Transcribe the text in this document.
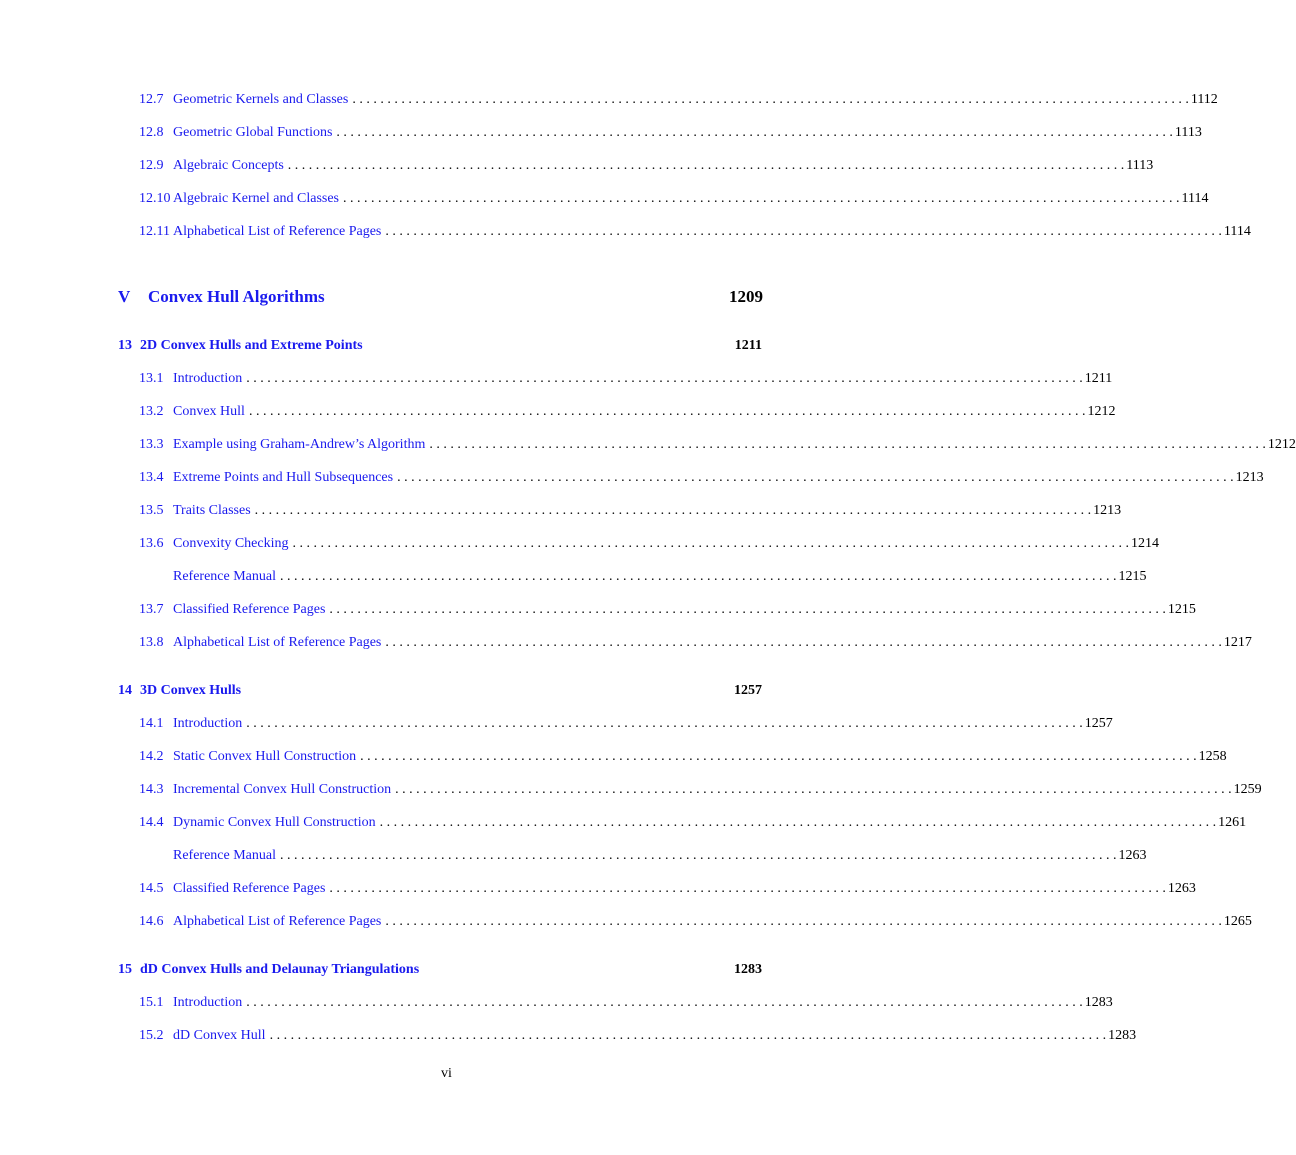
12.7 Geometric Kernels and Classes . . . . . . . . . . . . . . . . . . . . . . . . . . . . . . . . . . . . . . . . . . . . . . . . . . . . . . . . . . . . . . . . . . . . . . . . . . . . . . . . . . . . . . . . . . . . . . . . . . . . . . . . . . . . . . . . . . . . . . . . 1112
12.8 Geometric Global Functions . . . . . . . . . . . . . . . . . . . . . . . . . . . . . . . . . . . . . . . . . . . . . . . . . . . . . . . . . . . . . . . . . . . . . . . . . . . . . . . . . . . . . . . . . . . . . . . . . . . . . . . . . . . . . . . . . . . . . . . . 1113
12.9 Algebraic Concepts . . . . . . . . . . . . . . . . . . . . . . . . . . . . . . . . . . . . . . . . . . . . . . . . . . . . . . . . . . . . . . . . . . . . . . . . . . . . . . . . . . . . . . . . . . . . . . . . . . . . . . . . . . . . . . . . . . . . . . . . 1113
12.10 Algebraic Kernel and Classes . . . . . . . . . . . . . . . . . . . . . . . . . . . . . . . . . . . . . . . . . . . . . . . . . . . . . . . . . . . . . . . . . . . . . . . . . . . . . . . . . . . . . . . . . . . . . . . . . . . . . . . . . . . . . . . . . . . . . . . . 1114
12.11 Alphabetical List of Reference Pages . . . . . . . . . . . . . . . . . . . . . . . . . . . . . . . . . . . . . . . . . . . . . . . . . . . . . . . . . . . . . . . . . . . . . . . . . . . . . . . . . . . . . . . . . . . . . . . . . . . . . . . . . . . . . . . . . . . . . . . . 1114
V	Convex Hull Algorithms	1209
13 2D Convex Hulls and Extreme Points	1211
13.1 Introduction . . . . . . . . . . . . . . . . . . . . . . . . . . . . . . . . . . . . . . . . . . . . . . . . . . . . . . . . . . . . . . . . . . . . . . . . . . . . . . . . . . . . . . . . . . . . . . . . . . . . . . . . . . . . . . . . . . . . . . . . 1211
13.2 Convex Hull . . . . . . . . . . . . . . . . . . . . . . . . . . . . . . . . . . . . . . . . . . . . . . . . . . . . . . . . . . . . . . . . . . . . . . . . . . . . . . . . . . . . . . . . . . . . . . . . . . . . . . . . . . . . . . . . . . . . . . . . 1212
13.3 Example using Graham-Andrew’s Algorithm . . . . . . . . . . . . . . . . . . . . . . . . . . . . . . . . . . . . . . . . . . . . . . . . . . . . . . . . . . . . . . . . . . . . . . . . . . . . . . . . . . . . . . . . . . . . . . . . . . . . . . . . . . . . . . . . . . . . . . . . 1212
13.4 Extreme Points and Hull Subsequences . . . . . . . . . . . . . . . . . . . . . . . . . . . . . . . . . . . . . . . . . . . . . . . . . . . . . . . . . . . . . . . . . . . . . . . . . . . . . . . . . . . . . . . . . . . . . . . . . . . . . . . . . . . . . . . . . . . . . . . . 1213
13.5 Traits Classes . . . . . . . . . . . . . . . . . . . . . . . . . . . . . . . . . . . . . . . . . . . . . . . . . . . . . . . . . . . . . . . . . . . . . . . . . . . . . . . . . . . . . . . . . . . . . . . . . . . . . . . . . . . . . . . . . . . . . . . . 1213
13.6 Convexity Checking . . . . . . . . . . . . . . . . . . . . . . . . . . . . . . . . . . . . . . . . . . . . . . . . . . . . . . . . . . . . . . . . . . . . . . . . . . . . . . . . . . . . . . . . . . . . . . . . . . . . . . . . . . . . . . . . . . . . . . . . 1214
Reference Manual . . . . . . . . . . . . . . . . . . . . . . . . . . . . . . . . . . . . . . . . . . . . . . . . . . . . . . . . . . . . . . . . . . . . . . . . . . . . . . . . . . . . . . . . . . . . . . . . . . . . . . . . . . . . . . . . . . . . . . . . 1215
13.7 Classified Reference Pages . . . . . . . . . . . . . . . . . . . . . . . . . . . . . . . . . . . . . . . . . . . . . . . . . . . . . . . . . . . . . . . . . . . . . . . . . . . . . . . . . . . . . . . . . . . . . . . . . . . . . . . . . . . . . . . . . . . . . . . . 1215
13.8 Alphabetical List of Reference Pages . . . . . . . . . . . . . . . . . . . . . . . . . . . . . . . . . . . . . . . . . . . . . . . . . . . . . . . . . . . . . . . . . . . . . . . . . . . . . . . . . . . . . . . . . . . . . . . . . . . . . . . . . . . . . . . . . . . . . . . . 1217
14 3D Convex Hulls	1257
14.1 Introduction . . . . . . . . . . . . . . . . . . . . . . . . . . . . . . . . . . . . . . . . . . . . . . . . . . . . . . . . . . . . . . . . . . . . . . . . . . . . . . . . . . . . . . . . . . . . . . . . . . . . . . . . . . . . . . . . . . . . . . . . 1257
14.2 Static Convex Hull Construction . . . . . . . . . . . . . . . . . . . . . . . . . . . . . . . . . . . . . . . . . . . . . . . . . . . . . . . . . . . . . . . . . . . . . . . . . . . . . . . . . . . . . . . . . . . . . . . . . . . . . . . . . . . . . . . . . . . . . . . . 1258
14.3 Incremental Convex Hull Construction . . . . . . . . . . . . . . . . . . . . . . . . . . . . . . . . . . . . . . . . . . . . . . . . . . . . . . . . . . . . . . . . . . . . . . . . . . . . . . . . . . . . . . . . . . . . . . . . . . . . . . . . . . . . . . . . . . . . . . . . 1259
14.4 Dynamic Convex Hull Construction . . . . . . . . . . . . . . . . . . . . . . . . . . . . . . . . . . . . . . . . . . . . . . . . . . . . . . . . . . . . . . . . . . . . . . . . . . . . . . . . . . . . . . . . . . . . . . . . . . . . . . . . . . . . . . . . . . . . . . . . 1261
Reference Manual . . . . . . . . . . . . . . . . . . . . . . . . . . . . . . . . . . . . . . . . . . . . . . . . . . . . . . . . . . . . . . . . . . . . . . . . . . . . . . . . . . . . . . . . . . . . . . . . . . . . . . . . . . . . . . . . . . . . . . . . 1263
14.5 Classified Reference Pages . . . . . . . . . . . . . . . . . . . . . . . . . . . . . . . . . . . . . . . . . . . . . . . . . . . . . . . . . . . . . . . . . . . . . . . . . . . . . . . . . . . . . . . . . . . . . . . . . . . . . . . . . . . . . . . . . . . . . . . . 1263
14.6 Alphabetical List of Reference Pages . . . . . . . . . . . . . . . . . . . . . . . . . . . . . . . . . . . . . . . . . . . . . . . . . . . . . . . . . . . . . . . . . . . . . . . . . . . . . . . . . . . . . . . . . . . . . . . . . . . . . . . . . . . . . . . . . . . . . . . . 1265
15 dD Convex Hulls and Delaunay Triangulations	1283
15.1 Introduction . . . . . . . . . . . . . . . . . . . . . . . . . . . . . . . . . . . . . . . . . . . . . . . . . . . . . . . . . . . . . . . . . . . . . . . . . . . . . . . . . . . . . . . . . . . . . . . . . . . . . . . . . . . . . . . . . . . . . . . . 1283
15.2 dD Convex Hull . . . . . . . . . . . . . . . . . . . . . . . . . . . . . . . . . . . . . . . . . . . . . . . . . . . . . . . . . . . . . . . . . . . . . . . . . . . . . . . . . . . . . . . . . . . . . . . . . . . . . . . . . . . . . . . . . . . . . . . . 1283
vi
